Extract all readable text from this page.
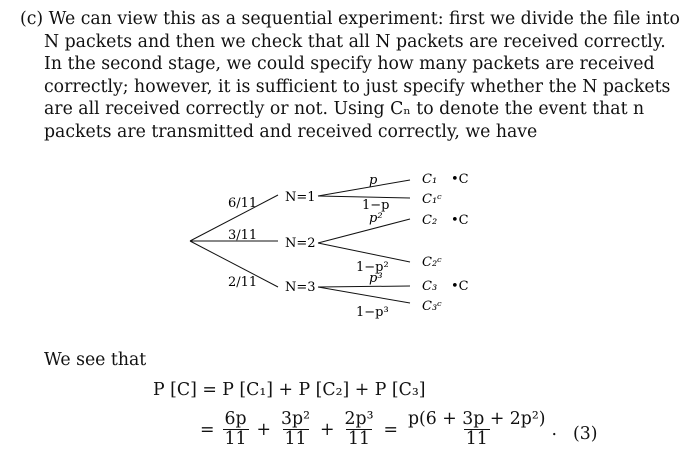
(c) We can view this as a sequential experiment: first we divide the file into
N packets and then we check that all N packets are received correctly.
In the second stage, we could specify how many packets are received
correctly; however, it is sufficient to just specify whether the N packets
are all received correctly or not. Using Cₙ to denote the event that n
packets are transmitted and received correctly, we have
6/11
3/11
2/11
N=1
N=2
N=3
p
1−p
p²
1−p²
p³
1−p³
C₁
C₁ᶜ
C₂
C₂ᶜ
C₃
C₃ᶜ
•C
•C
•C
We see that
P [C] = P [C₁] + P [C₂] + P [C₃]
= $\frac{6p}{11} + \frac{\text{3p²}}{11} + \frac{\text{2p³}}{11} = \frac{\text{p(6 + 3p + 2p²)}}{11}$ . (3)
